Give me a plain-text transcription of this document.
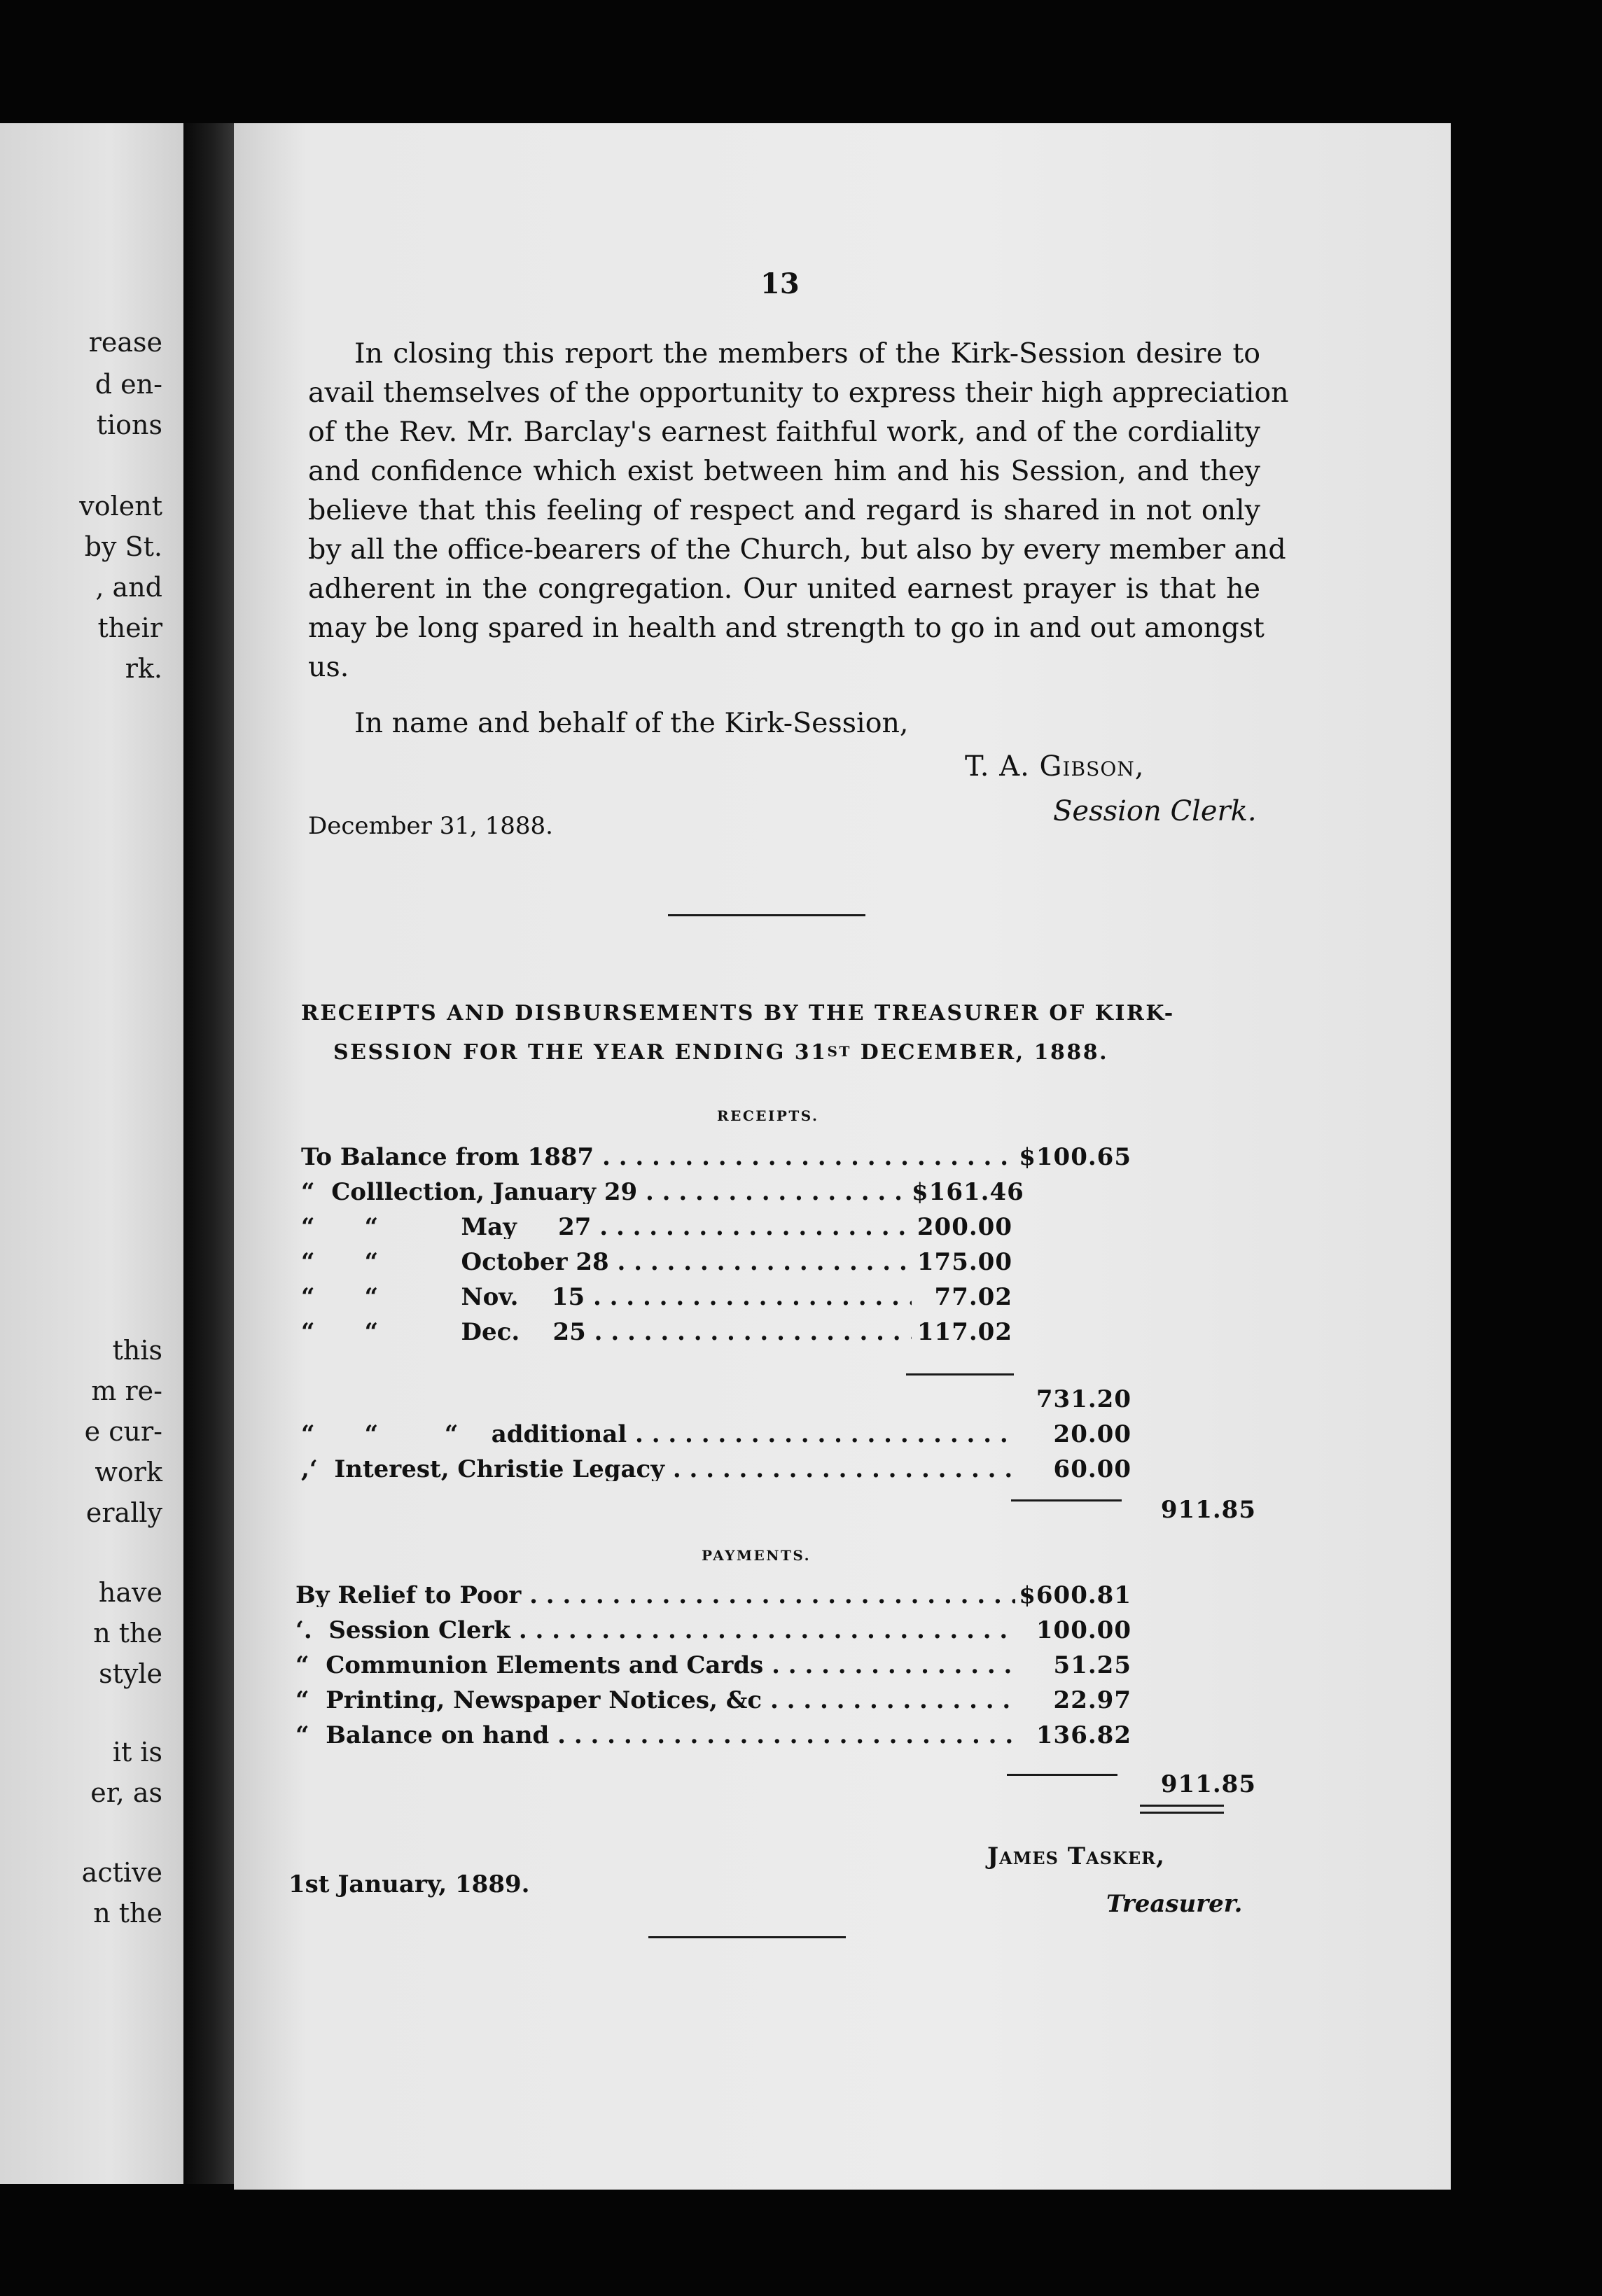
rease
d en-
tions
volent
by St.
, and
their
rk.
this
m re-
e cur-
work
erally
have
n the
style
it is
er, as
active
n the
13
In closing this report the members of the Kirk-Session desire to
avail themselves of the opportunity to express their high appreciation
of the Rev. Mr. Barclay's earnest faithful work, and of the cordiality
and confidence which exist between him and his Session, and they
believe that this feeling of respect and regard is shared in not only
by all the office-bearers of the Church, but also by every member and
adherent in the congregation. Our united earnest prayer is that he
may be long spared in health and strength to go in and out amongst
us.
In name and behalf of the Kirk-Session,
T. A. Gibson,
Session Clerk.
December 31, 1888.
RECEIPTS AND DISBURSEMENTS BY THE TREASURER OF KIRK-
SESSION FOR THE YEAR ENDING 31ST DECEMBER, 1888.
RECEIPTS.
To Balance from 1887 . . .	$100.65
“  Colllection, January 29 . . .	$161.46
“      “          May     27 . . .	200.00
“      “          October 28 . . .	175.00
“      “          Nov.    15 . . .	77.02
“      “          Dec.    25 . . .	117.02
731.20
“      “        “    additional . . .	20.00
,‘  Interest, Christie Legacy . . .	60.00
911.85
PAYMENTS.
By Relief to Poor . . .	$600.81
‘.  Session Clerk . . .	100.00
“  Communion Elements and Cards . . .	51.25
“  Printing, Newspaper Notices, &c . . .	22.97
“  Balance on hand . . .	136.82
911.85
James Tasker,
Treasurer.
1st January, 1889.
